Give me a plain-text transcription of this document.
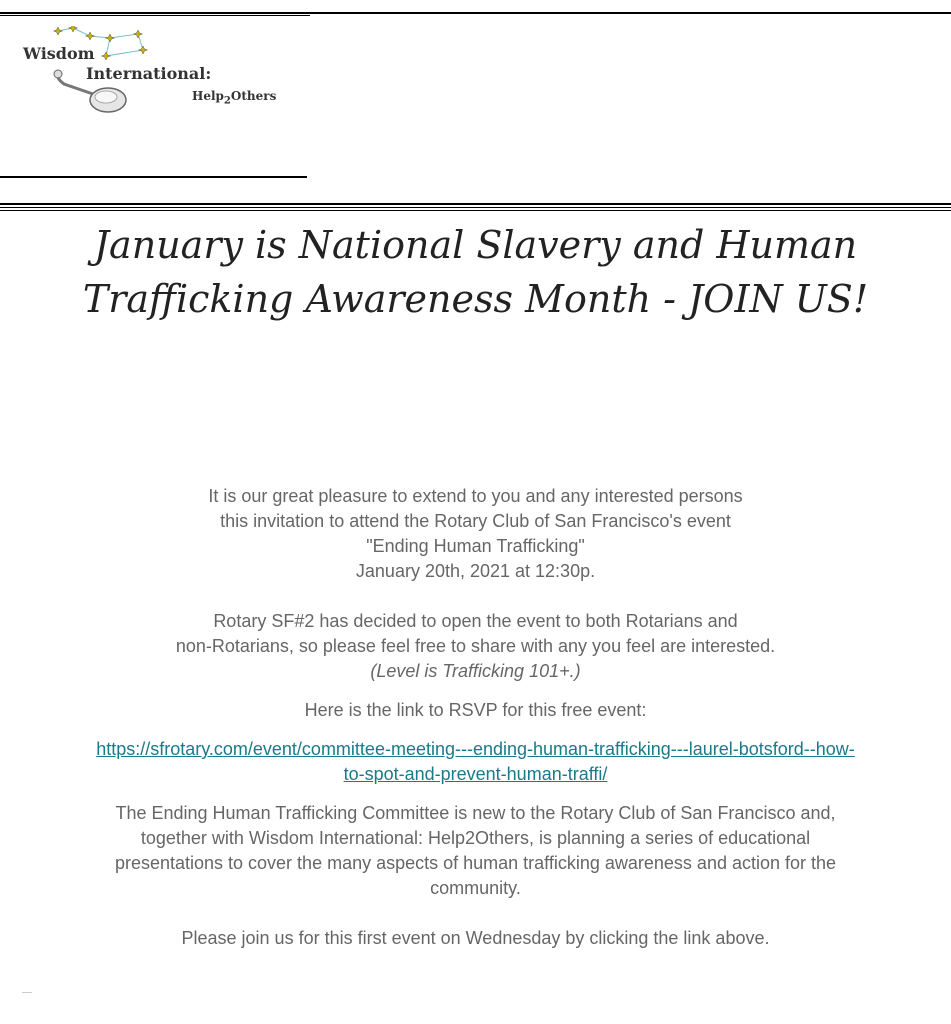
Wisdom
International:
Help$_2$Others
January is National Slavery and Human
Trafficking Awareness Month - JOIN US!

It is our great pleasure to extend to you and any interested persons
this invitation to attend the Rotary Club of San Francisco's event
"Ending Human Trafficking"
January 20th, 2021 at 12:30p.

Rotary SF#2 has decided to open the event to both Rotarians and
non-Rotarians, so please feel free to share with any you feel are interested.
(Level is Trafficking 101+.)

Here is the link to RSVP for this free event:

https://sfrotary.com/event/committee-meeting---ending-human-trafficking---laurel-botsford--how-
to-spot-and-prevent-human-traffi/

The Ending Human Trafficking Committee is new to the Rotary Club of San Francisco and,
together with Wisdom International: Help2Others, is planning a series of educational
presentations to cover the many aspects of human trafficking awareness and action for the
community.

Please join us for this first event on Wednesday by clicking the link above.
